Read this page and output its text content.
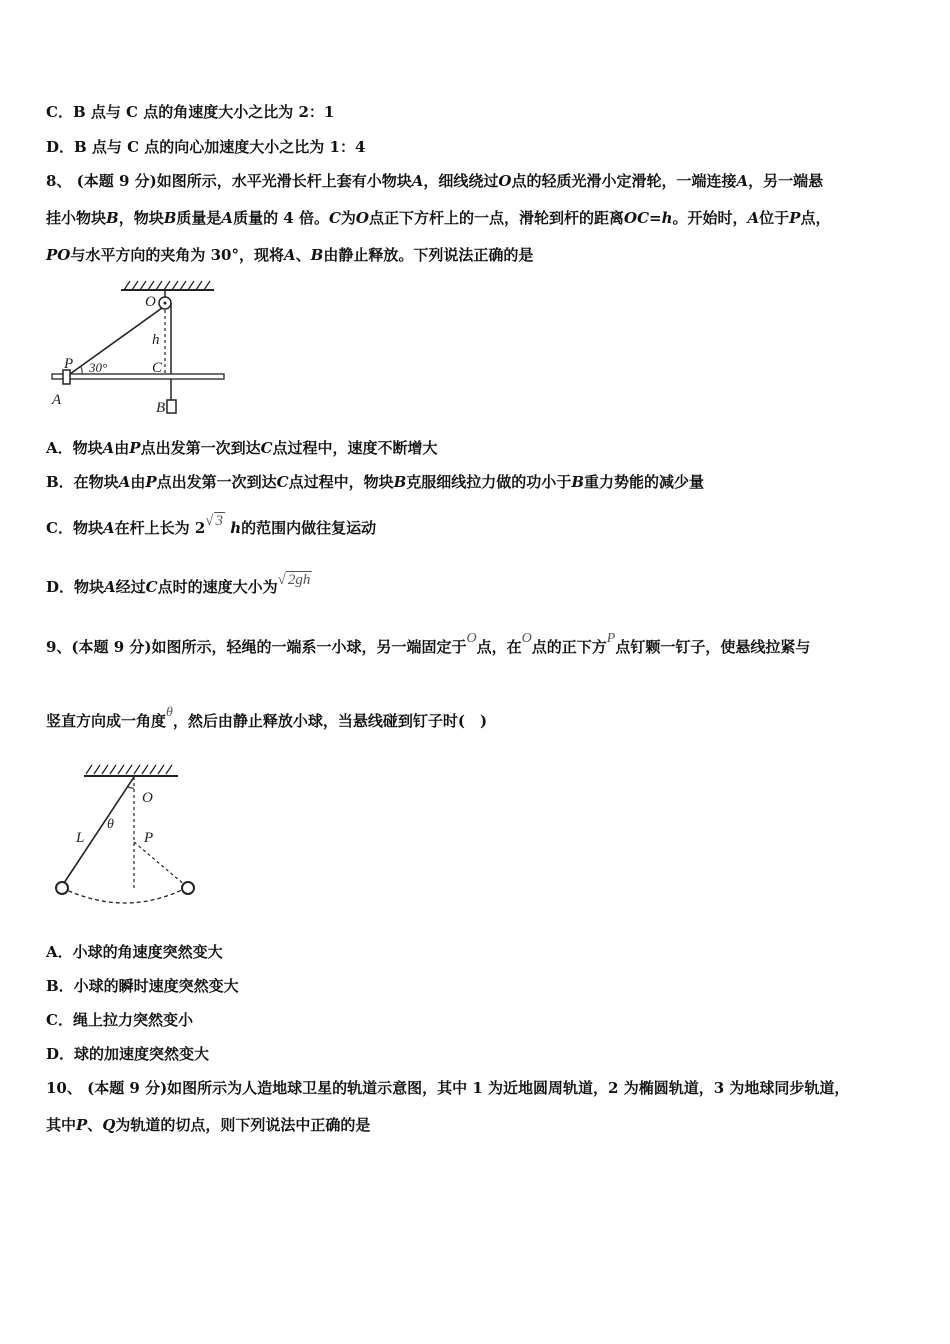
C．B 点与 C 点的角速度大小之比为 2：1
D．B 点与 C 点的向心加速度大小之比为 1：4
8、 (本题 9 分)如图所示，水平光滑长杆上套有小物块A，细线绕过O点的轻质光滑小定滑轮，一端连接A，另一端悬
挂小物块B，物块B质量是A质量的 4 倍。C为O点正下方杆上的一点，滑轮到杆的距离OC=h。开始时，A位于P点，
PO与水平方向的夹角为 30°，现将A、B由静止释放。下列说法正确的是
O
h
P 30°	C
A	B
A．物块A由P点出发第一次到达C点过程中，速度不断增大
B．在物块A由P点出发第一次到达C点过程中，物块B克服细线拉力做的功小于B重力势能的减少量
C．物块A在杆上长为 2√ 3 h的范围内做往复运动
D．物块A经过C点时的速度大小为√ 2gh
9、(本题 9 分)如图所示，轻绳的一端系一小球，另一端固定于O点，在O点的正下方P点钉颗一钉子，使悬线拉紧与
竖直方向成一角度θ，然后由静止释放小球，当悬线碰到钉子时(　)
O
L
θ
P
A．小球的角速度突然变大
B．小球的瞬时速度突然变大
C．绳上拉力突然变小
D．球的加速度突然变大
10、 (本题 9 分)如图所示为人造地球卫星的轨道示意图，其中 1 为近地圆周轨道，2 为椭圆轨道，3 为地球同步轨道，
其中P、Q为轨道的切点，则下列说法中正确的是
